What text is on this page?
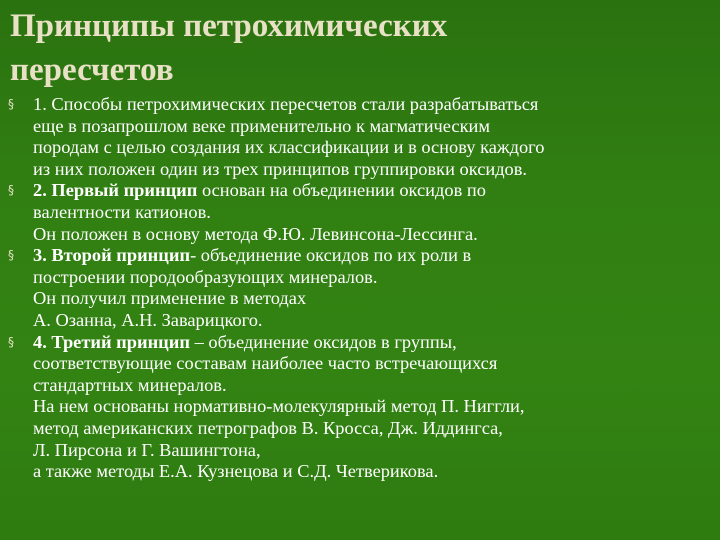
Принципы петрохимических
пересчетов
§	1. Способы петрохимических пересчетов стали разрабатываться
еще в позапрошлом веке применительно к магматическим
породам с целью создания их классификации и в основу каждого
из них положен один из трех принципов группировки оксидов.
§	2. Первый принцип основан на объединении оксидов по
валентности катионов.
Он положен в основу метода Ф.Ю. Левинсона-Лессинга.
§	3. Второй принцип- объединение оксидов по их роли в
построении породообразующих минералов.
Он получил применение в методах
А. Озанна, А.Н. Заварицкого.
§	4. Третий принцип – объединение оксидов в группы,
соответствующие составам наиболее часто встречающихся
стандартных минералов.
На нем основаны нормативно-молекулярный метод П. Ниггли,
метод американских петрографов В. Кросса, Дж. Иддингса,
Л. Пирсона и Г. Вашингтона,
а также методы Е.А. Кузнецова и С.Д. Четверикова.
